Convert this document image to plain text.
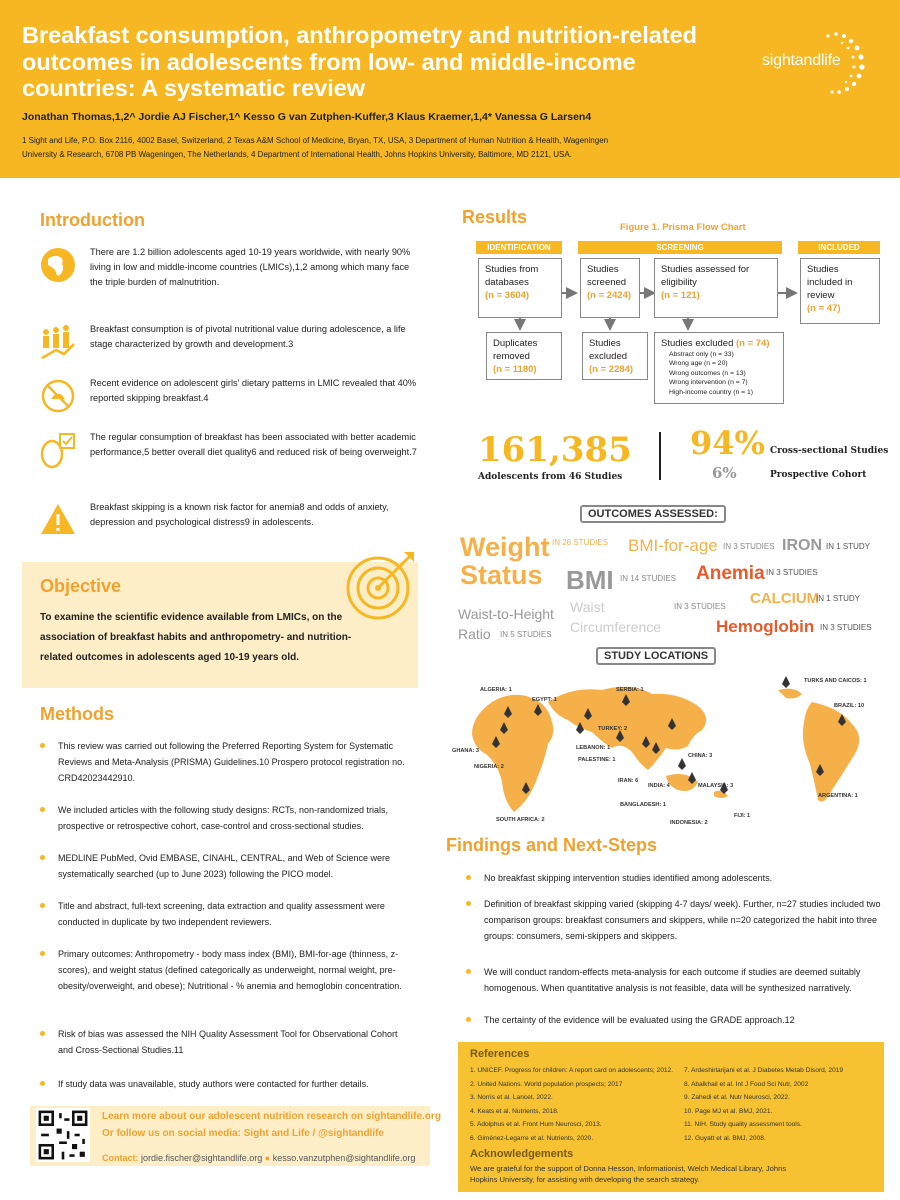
Breakfast consumption, anthropometry and nutrition-related outcomes in adolescents from low- and middle-income countries: A systematic review
Jonathan Thomas,1,2^ Jordie AJ Fischer,1^ Kesso G van Zutphen-Kuffer,3 Klaus Kraemer,1,4* Vanessa G Larsen4
1 Sight and Life, P.O. Box 2116, 4002 Basel, Switzerland, 2 Texas A&M School of Medicine, Bryan, TX, USA, 3 Department of Human Nutrition & Health, Wageningen
University & Research, 6708 PB Wageningen, The Netherlands, 4 Department of International Health, Johns Hopkins University, Baltimore, MD 2121, USA.
sightandlife
Introduction
There are 1.2 billion adolescents aged 10-19 years worldwide, with nearly 90% living in low and middle-income countries (LMICs),1,2 among which many face the triple burden of malnutrition.
Breakfast consumption is of pivotal nutritional value during adolescence, a life stage characterized by growth and development.3
Recent evidence on adolescent girls' dietary patterns in LMIC revealed that 40% reported skipping breakfast.4
The regular consumption of breakfast has been associated with better academic performance,5 better overall diet quality6 and reduced risk of being overweight.7
Breakfast skipping is a known risk factor for anemia8 and odds of anxiety, depression and psychological distress9 in adolescents.
Objective
To examine the scientific evidence available from LMICs, on the association of breakfast habits and anthropometry- and nutrition-related outcomes in adolescents aged 10-19 years old.
Methods
This review was carried out following the Preferred Reporting System for Systematic Reviews and Meta-Analysis (PRISMA) Guidelines.10 Prospero protocol registration no. CRD42023442910.
We included articles with the following study designs: RCTs, non-randomized trials, prospective or retrospective cohort, case-control and cross-sectional studies.
MEDLINE PubMed, Ovid EMBASE, CINAHL, CENTRAL, and Web of Science were systematically searched (up to June 2023) following the PICO model.
Title and abstract, full-text screening, data extraction and quality assessment were conducted in duplicate by two independent reviewers.
Primary outcomes: Anthropometry - body mass index (BMI), BMI-for-age (thinness, z-scores), and weight status (defined categorically as underweight, normal weight, pre-obesity/overweight, and obese); Nutritional - % anemia and hemoglobin concentration.
Risk of bias was assessed the NIH Quality Assessment Tool for Observational Cohort and Cross-Sectional Studies.11
If study data was unavailable, study authors were contacted for further details.
Learn more about our adolescent nutrition research on sightandlife.org
Or follow us on social media: Sight and Life / @sightandlife
Contact: jordie.fischer@sightandlife.org ● kesso.vanzutphen@sightandlife.org
Results
Figure 1. Prisma Flow Chart
IDENTIFICATION	SCREENING	INCLUDED
Studies from databases
(n = 3604)
Studies screened
(n = 2424)
Studies assessed for eligibility
(n = 121)
Studies included in review
(n = 47)
Duplicates removed
(n = 1180)
Studies excluded
(n = 2284)
Studies excluded (n = 74)
Abstract only (n = 33)
Wrong age (n = 20)
Wrong outcomes (n = 13)
Wrong intervention (n = 7)
High-income country (n = 1)
161,385
Adolescents from 46 Studies
94% Cross-sectional Studies
6%	Prospective Cohort
OUTCOMES ASSESSED:
Weight Status
IN 26 STUDIES BMI-for-age IN 3 STUDIES IRON IN 1 STUDY
BMI IN 14 STUDIES Anemia IN 3 STUDIES
CALCIUM
IN 1 STUDY
Waist-to-Height Ratio	IN 5 STUDIES
Waist Circumference
IN 3 STUDIES
Hemoglobin IN 3 STUDIES
STUDY LOCATIONS
ALGERIA: 1
EGYPT: 1
SERBIA: 1
TURKS AND CAICOS: 1
TURKEY: 2
LEBANON: 1
PALESTINE: 1
GHANA: 3
NIGERIA: 2
IRAN: 6
INDIA: 4
CHINA: 3
BRAZIL: 10
MALAYSIA: 3
BANGLADESH: 1
ARGENTINA: 1
SOUTH AFRICA: 2	INDONESIA: 2
FIJI: 1
Findings and Next-Steps
No breakfast skipping intervention studies identified among adolescents.
Definition of breakfast skipping varied (skipping 4-7 days/ week). Further, n=27 studies included two comparison groups: breakfast consumers and skippers, while n=20 categorized the habit into three groups: consumers, semi-skippers and skippers.
We will conduct random-effects meta-analysis for each outcome if studies are deemed suitably homogenous. When quantitative analysis is not feasible, data will be synthesized narratively.
The certainty of the evidence will be evaluated using the GRADE approach.12
References
1. UNICEF. Progress for children: A report card on adolescents; 2012.
2. United Nations. World population prospects; 2017
3. Norris et al. Lancet, 2022.
4. Keats et al. Nutrients, 2018.
5. Adolphus et al. Front Hum Neurosci, 2013.
6. Giménez-Legarre et al. Nutrients, 2020.
7. Ardeshirlarijani et al. J Diabetes Metab Disord, 2019
8. Abalkhail et al. Int J Food Sci Nutr, 2002
9. Zahedi et al. Nutr Neurosci, 2022.
10. Page MJ et al. BMJ, 2021.
11. NIH. Study quality assessment tools.
12. Guyatt et al. BMJ, 2008.
Acknowledgements
We are grateful for the support of Donna Hesson, Informationist, Welch Medical Library, Johns Hopkins University, for assisting with developing the search strategy.
